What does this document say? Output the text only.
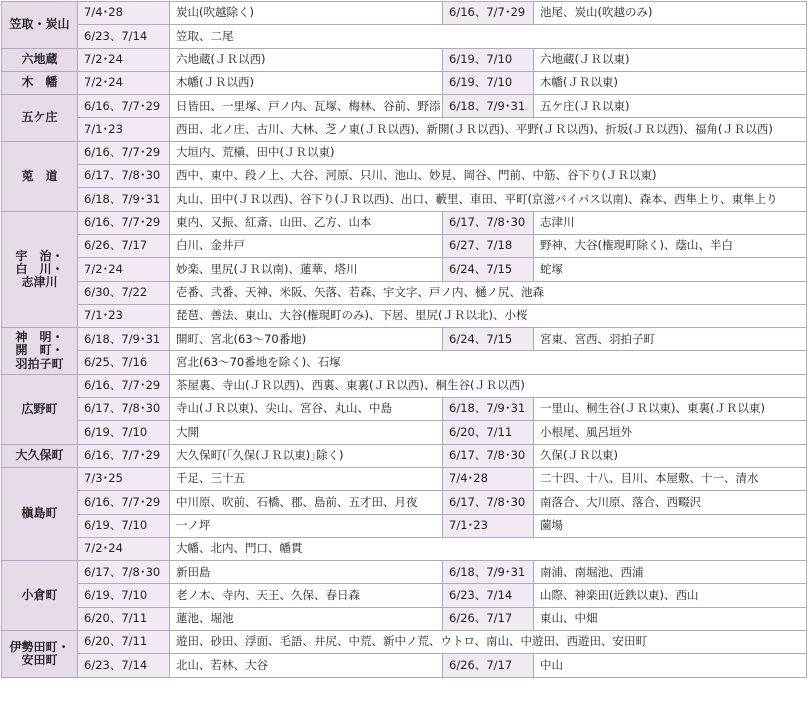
笠取・炭山	7/4･28	炭山(吹越除く)	6/16、7/7･29	池尾、炭山(吹越のみ)
	6/23、7/14	笠取、二尾		
六地蔵	7/2･24	六地蔵(ＪＲ以西)	6/19、7/10	六地蔵(ＪＲ以東)
木　幡	7/2･24	木幡(ＪＲ以西)	6/19、7/10	木幡(ＪＲ以東)
五ケ庄	6/16、7/7･29	日皆田、一里塚、戸ノ内、瓦塚、梅林、谷前、野添	6/18、7/9･31	五ケ庄(ＪＲ以東)
	7/1･23	西田、北ノ庄、古川、大林、芝ノ東(ＪＲ以西)、新開(ＪＲ以西)、平野(ＪＲ以西)、折坂(ＪＲ以西)、福角(ＪＲ以西)		
莵　道	6/16、7/7･29	大垣内、荒槇、田中(ＪＲ以東)		
	6/17、7/8･30	西中、東中、段ノ上、大谷、河原、只川、池山、妙見、岡谷、門前、中筋、谷下り(ＪＲ以東)		
	6/18、7/9･31	丸山、田中(ＪＲ以西)、谷下り(ＪＲ以西)、出口、藪里、車田、平町(京滋バイパス以南)、森本、西隼上り、東隼上り		
宇　治・
白　川・
志津川	6/16、7/7･29	東内、又振、紅斎、山田、乙方、山本	6/17、7/8･30	志津川
	6/26、7/17	白川、金井戸	6/27、7/18	野神、大谷(権現町除く)、蔭山、半白
	7/2･24	妙楽、里尻(ＪＲ以南)、蓮華、塔川	6/24、7/15	蛇塚
	6/30、7/22	壱番、弐番、天神、米阪、矢落、若森、宇文字、戸ノ内、樋ノ尻、池森		
	7/1･23	琵琶、善法、東山、大谷(権現町のみ)、下居、里尻(ＪＲ以北)、小桜		
神　明・
開　町・
羽拍子町	6/18、7/9･31	開町、宮北(63～70番地)	6/24、7/15	宮東、宮西、羽拍子町
	6/25、7/16	宮北(63～70番地を除く)、石塚		
広野町	6/16、7/7･29	茶屋裏、寺山(ＪＲ以西)、西裏、東裏(ＪＲ以西)、桐生谷(ＪＲ以西)		
	6/17、7/8･30	寺山(ＪＲ以東)、尖山、宮谷、丸山、中島	6/18、7/9･31	一里山、桐生谷(ＪＲ以東)、東裏(ＪＲ以東)
	6/19、7/10	大開	6/20、7/11	小根尾、風呂垣外
大久保町	6/16、7/7･29	大久保町(｢久保(ＪＲ以東)｣除く)	6/17、7/8･30	久保(ＪＲ以東)
槇島町	7/3･25	千足、三十五	7/4･28	二十四、十八、目川、本屋敷、十一、清水
	6/16、7/7･29	中川原、吹前、石橋、郡、島前、五才田、月夜	6/17、7/8･30	南落合、大川原、落合、西畷沢
	6/19、7/10	一ノ坪	7/1･23	薗場
	7/2･24	大幡、北内、門口、幡貫		
小倉町	6/17、7/8･30	新田島	6/18、7/9･31	南浦、南堀池、西浦
	6/19、7/10	老ノ木、寺内、天王、久保、春日森	6/23、7/14	山際、神楽田(近鉄以東)、西山
	6/20、7/11	蓮池、堀池	6/26、7/17	東山、中畑
伊勢田町・
安田町	6/20、7/11	遊田、砂田、浮面、毛語、井尻、中荒、新中ノ荒、ウトロ、南山、中遊田、西遊田、安田町		
	6/23、7/14	北山、若林、大谷	6/26、7/17	中山
